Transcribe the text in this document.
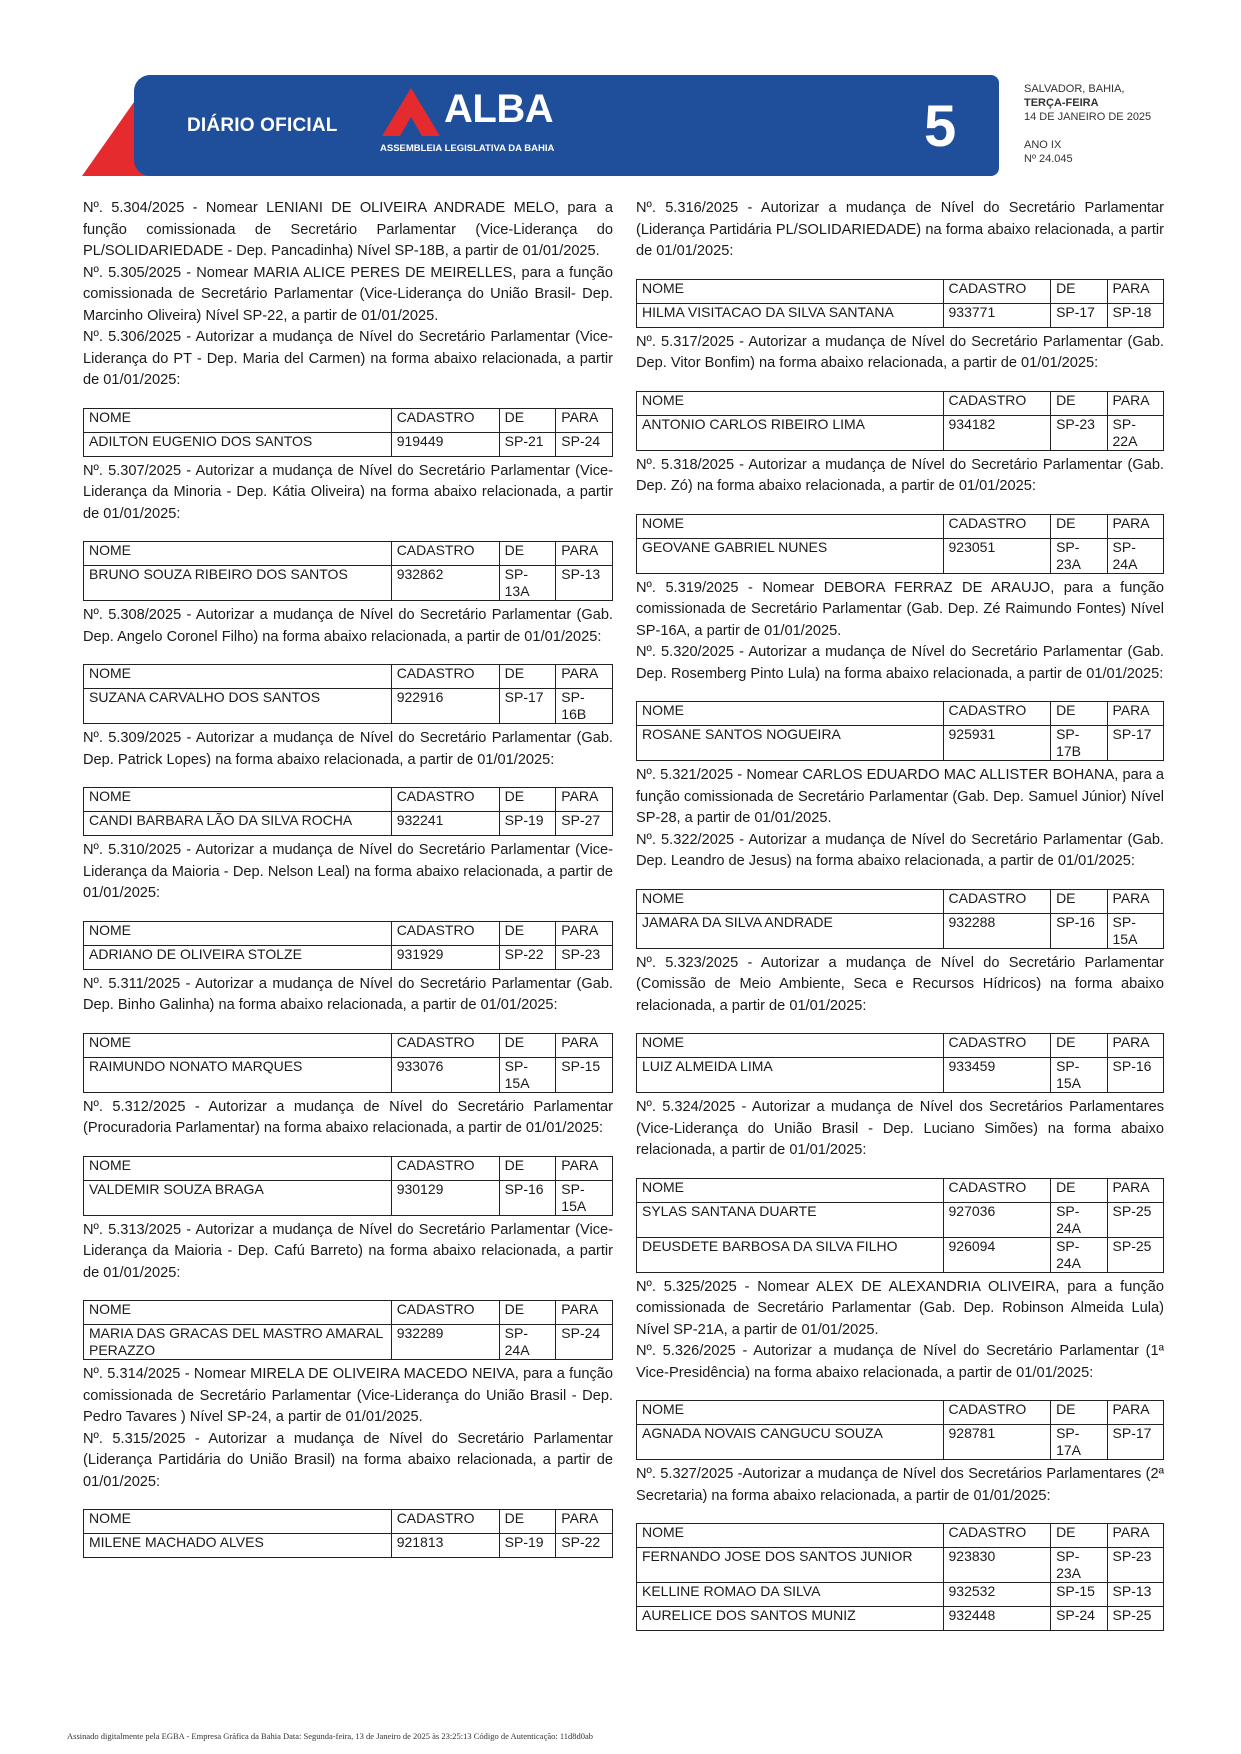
DIÁRIO OFICIAL	ALBA
ASSEMBLEIA LEGISLATIVA DA BAHIA	5
SALVADOR, BAHIA,
TERÇA-FEIRA
14 DE JANEIRO DE 2025
ANO IX
Nº 24.045

Nº. 5.304/2025 - Nomear LENIANI DE OLIVEIRA ANDRADE MELO, para a função comissionada de Secretário Parlamentar (Vice-Liderança do PL/SOLIDARIEDADE - Dep. Pancadinha) Nível SP-18B, a partir de 01/01/2025.

Nº. 5.305/2025 - Nomear MARIA ALICE PERES DE MEIRELLES, para a função comissionada de Secretário Parlamentar (Vice-Liderança do União Brasil- Dep. Marcinho Oliveira) Nível SP-22, a partir de 01/01/2025.

Nº. 5.306/2025 - Autorizar a mudança de Nível do Secretário Parlamentar (Vice-Liderança do PT - Dep. Maria del Carmen) na forma abaixo relacionada, a partir de 01/01/2025:

NOME	CADASTRO	DE	PARA
ADILTON EUGENIO DOS SANTOS	919449	SP-21	SP-24

Nº. 5.307/2025 - Autorizar a mudança de Nível do Secretário Parlamentar (Vice-Liderança da Minoria - Dep. Kátia Oliveira) na forma abaixo relacionada, a partir de 01/01/2025:

NOME	CADASTRO	DE	PARA
BRUNO SOUZA RIBEIRO DOS SANTOS	932862	SP-13A	SP-13

Nº. 5.308/2025 - Autorizar a mudança de Nível do Secretário Parlamentar (Gab. Dep. Angelo Coronel Filho) na forma abaixo relacionada, a partir de 01/01/2025:

NOME	CADASTRO	DE	PARA
SUZANA CARVALHO DOS SANTOS	922916	SP-17	SP-16B

Nº. 5.309/2025 - Autorizar a mudança de Nível do Secretário Parlamentar (Gab. Dep. Patrick Lopes) na forma abaixo relacionada, a partir de 01/01/2025:

NOME	CADASTRO	DE	PARA
CANDI BARBARA LÃO DA SILVA ROCHA	932241	SP-19	SP-27

Nº. 5.310/2025 - Autorizar a mudança de Nível do Secretário Parlamentar (Vice-Liderança da Maioria - Dep. Nelson Leal) na forma abaixo relacionada, a partir de 01/01/2025:

NOME	CADASTRO	DE	PARA
ADRIANO DE OLIVEIRA STOLZE	931929	SP-22	SP-23

Nº. 5.311/2025 - Autorizar a mudança de Nível do Secretário Parlamentar (Gab. Dep. Binho Galinha) na forma abaixo relacionada, a partir de 01/01/2025:

NOME	CADASTRO	DE	PARA
RAIMUNDO NONATO MARQUES	933076	SP-15A	SP-15

Nº. 5.312/2025 - Autorizar a mudança de Nível do Secretário Parlamentar (Procuradoria Parlamentar) na forma abaixo relacionada, a partir de 01/01/2025:

NOME	CADASTRO	DE	PARA
VALDEMIR SOUZA BRAGA	930129	SP-16	SP-15A

Nº. 5.313/2025 - Autorizar a mudança de Nível do Secretário Parlamentar (Vice-Liderança da Maioria - Dep. Cafú Barreto) na forma abaixo relacionada, a partir de 01/01/2025:

NOME	CADASTRO	DE	PARA
MARIA DAS GRACAS DEL MASTRO AMARAL PERAZZO	932289	SP-24A	SP-24

Nº. 5.314/2025 - Nomear MIRELA DE OLIVEIRA MACEDO NEIVA, para a função comissionada de Secretário Parlamentar (Vice-Liderança do União Brasil - Dep. Pedro Tavares ) Nível SP-24, a partir de 01/01/2025.

Nº. 5.315/2025 - Autorizar a mudança de Nível do Secretário Parlamentar (Liderança Partidária do União Brasil) na forma abaixo relacionada, a partir de 01/01/2025:

NOME	CADASTRO	DE	PARA
MILENE MACHADO ALVES	921813	SP-19	SP-22

Nº. 5.316/2025 - Autorizar a mudança de Nível do Secretário Parlamentar (Liderança Partidária PL/SOLIDARIEDADE) na forma abaixo relacionada, a partir de 01/01/2025:

NOME	CADASTRO	DE	PARA
HILMA VISITACAO DA SILVA SANTANA	933771	SP-17	SP-18

Nº. 5.317/2025 - Autorizar a mudança de Nível do Secretário Parlamentar (Gab. Dep. Vitor Bonfim) na forma abaixo relacionada, a partir de 01/01/2025:

NOME	CADASTRO	DE	PARA
ANTONIO CARLOS RIBEIRO LIMA	934182	SP-23	SP-22A

Nº. 5.318/2025 - Autorizar a mudança de Nível do Secretário Parlamentar (Gab. Dep. Zó) na forma abaixo relacionada, a partir de 01/01/2025:

NOME	CADASTRO	DE	PARA
GEOVANE GABRIEL NUNES	923051	SP-23A	SP-24A

Nº. 5.319/2025 - Nomear DEBORA FERRAZ DE ARAUJO, para a função comissionada de Secretário Parlamentar (Gab. Dep. Zé Raimundo Fontes) Nível SP-16A, a partir de 01/01/2025.

Nº. 5.320/2025 - Autorizar a mudança de Nível do Secretário Parlamentar (Gab. Dep. Rosemberg Pinto Lula) na forma abaixo relacionada, a partir de 01/01/2025:

NOME	CADASTRO	DE	PARA
ROSANE SANTOS NOGUEIRA	925931	SP-17B	SP-17

Nº. 5.321/2025 - Nomear CARLOS EDUARDO MAC ALLISTER BOHANA, para a função comissionada de Secretário Parlamentar (Gab. Dep. Samuel Júnior) Nível SP-28, a partir de 01/01/2025.

Nº. 5.322/2025 - Autorizar a mudança de Nível do Secretário Parlamentar (Gab. Dep. Leandro de Jesus) na forma abaixo relacionada, a partir de 01/01/2025:

NOME	CADASTRO	DE	PARA
JAMARA DA SILVA ANDRADE	932288	SP-16	SP-15A

Nº. 5.323/2025 - Autorizar a mudança de Nível do Secretário Parlamentar (Comissão de Meio Ambiente, Seca e Recursos Hídricos) na forma abaixo relacionada, a partir de 01/01/2025:

NOME	CADASTRO	DE	PARA
LUIZ ALMEIDA LIMA	933459	SP-15A	SP-16

Nº. 5.324/2025 - Autorizar a mudança de Nível dos Secretários Parlamentares (Vice-Liderança do União Brasil - Dep. Luciano Simões) na forma abaixo relacionada, a partir de 01/01/2025:

NOME	CADASTRO	DE	PARA
SYLAS SANTANA DUARTE	927036	SP-24A	SP-25
DEUSDETE BARBOSA DA SILVA FILHO	926094	SP-24A	SP-25

Nº. 5.325/2025 - Nomear ALEX DE ALEXANDRIA OLIVEIRA, para a função comissionada de Secretário Parlamentar (Gab. Dep. Robinson Almeida Lula) Nível SP-21A, a partir de 01/01/2025.

Nº. 5.326/2025 - Autorizar a mudança de Nível do Secretário Parlamentar (1ª Vice-Presidência) na forma abaixo relacionada, a partir de 01/01/2025:

NOME	CADASTRO	DE	PARA
AGNADA NOVAIS CANGUCU SOUZA	928781	SP-17A	SP-17

Nº. 5.327/2025 -Autorizar a mudança de Nível dos Secretários Parlamentares (2ª Secretaria) na forma abaixo relacionada, a partir de 01/01/2025:

NOME	CADASTRO	DE	PARA
FERNANDO JOSE DOS SANTOS JUNIOR	923830	SP-23A	SP-23
KELLINE ROMAO DA SILVA	932532	SP-15	SP-13
AURELICE DOS SANTOS MUNIZ	932448	SP-24	SP-25
Assinado digitalmente pela EGBA - Empresa Gráfica da Bahia Data: Segunda-feira, 13 de Janeiro de 2025 às 23:25:13 Código de Autenticação: 11d8d0ab
